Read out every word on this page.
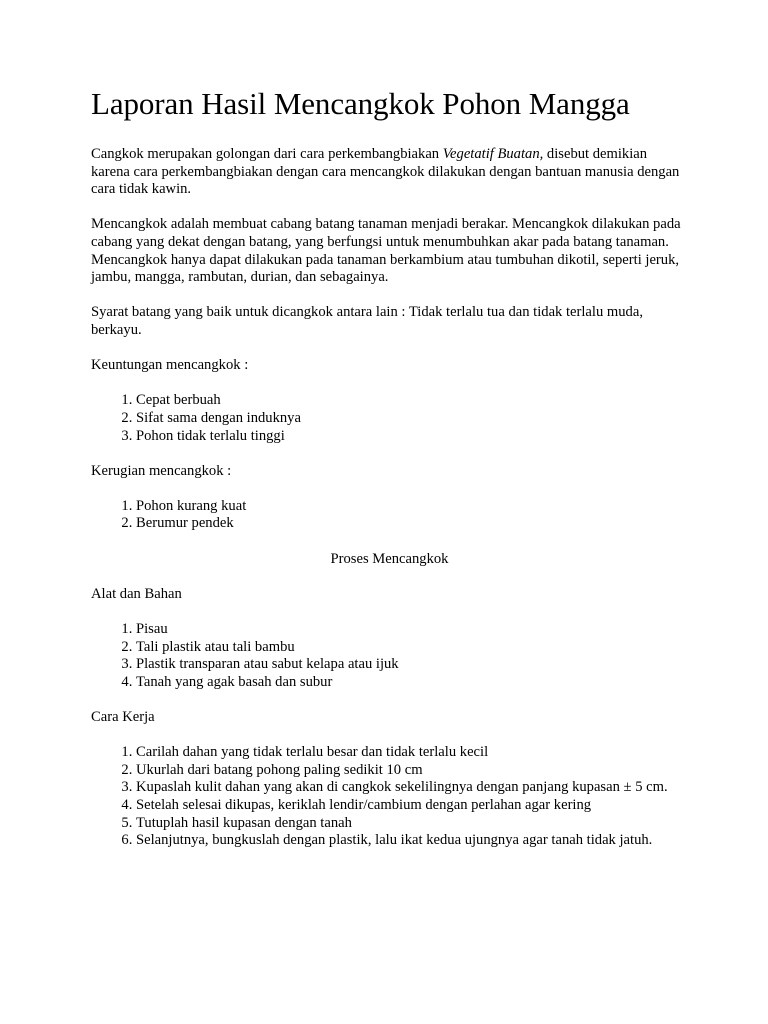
Laporan Hasil Mencangkok Pohon Mangga

Cangkok merupakan golongan dari cara perkembangbiakan Vegetatif Buatan, disebut demikian karena cara perkembangbiakan dengan cara mencangkok dilakukan dengan bantuan manusia dengan cara tidak kawin.

Mencangkok adalah membuat cabang batang tanaman menjadi berakar. Mencangkok dilakukan pada cabang yang dekat dengan batang, yang berfungsi untuk menumbuhkan akar pada batang tanaman. Mencangkok hanya dapat dilakukan pada tanaman berkambium atau tumbuhan dikotil, seperti jeruk, jambu, mangga, rambutan, durian, dan sebagainya.

Syarat batang yang baik untuk dicangkok antara lain : Tidak terlalu tua dan tidak terlalu muda, berkayu.

Keuntungan mencangkok :

1. Cepat berbuah
2. Sifat sama dengan induknya
3. Pohon tidak terlalu tinggi

Kerugian mencangkok :

1. Pohon kurang kuat
2. Berumur pendek

Proses Mencangkok

Alat dan Bahan

1. Pisau
2. Tali plastik atau tali bambu
3. Plastik transparan atau sabut kelapa atau ijuk
4. Tanah yang agak basah dan subur

Cara Kerja

1. Carilah dahan yang tidak terlalu besar dan tidak terlalu kecil
2. Ukurlah dari batang pohong paling sedikit 10 cm
3. Kupaslah kulit dahan yang akan di cangkok sekelilingnya dengan panjang kupasan ± 5 cm.
4. Setelah selesai dikupas, keriklah lendir/cambium dengan perlahan agar kering
5. Tutuplah hasil kupasan dengan tanah
6. Selanjutnya, bungkuslah dengan plastik, lalu ikat kedua ujungnya agar tanah tidak jatuh.
